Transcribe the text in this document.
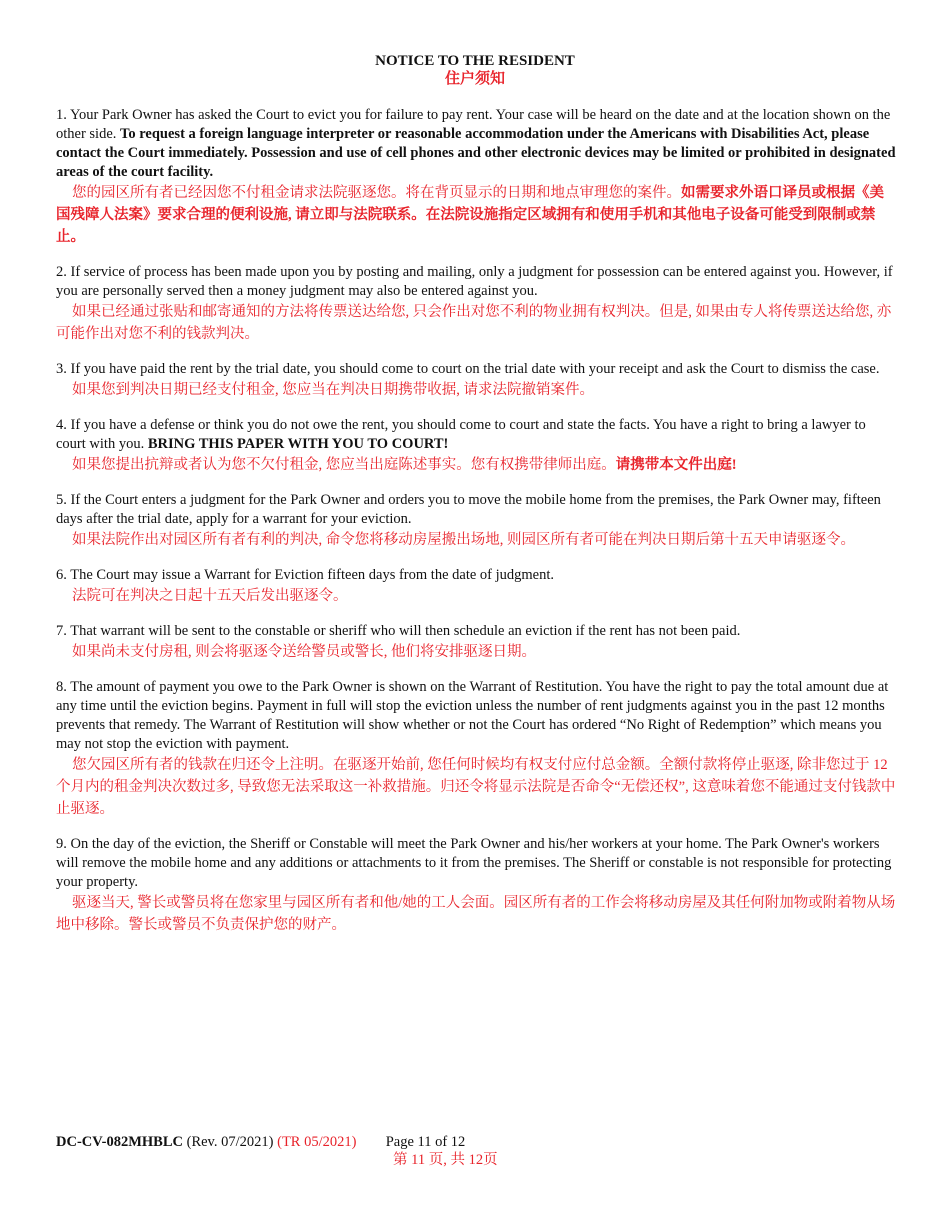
NOTICE TO THE RESIDENT
住户须知

1. Your Park Owner has asked the Court to evict you for failure to pay rent. Your case will be heard on the date and at the location shown on the other side. To request a foreign language interpreter or reasonable accommodation under the Americans with Disabilities Act, please contact the Court immediately. Possession and use of cell phones and other electronic devices may be limited or prohibited in designated areas of the court facility.

您的园区所有者已经因您不付租金请求法院驱逐您。将在背页显示的日期和地点审理您的案件。如需要求外语口译员或根据《美国残障人法案》要求合理的便利设施, 请立即与法院联系。在法院设施指定区域拥有和使用手机和其他电子设备可能受到限制或禁止。

2. If service of process has been made upon you by posting and mailing, only a judgment for possession can be entered against you. However, if you are personally served then a money judgment may also be entered against you.

如果已经通过张贴和邮寄通知的方法将传票送达给您, 只会作出对您不利的物业拥有权判决。但是, 如果由专人将传票送达给您, 亦可能作出对您不利的钱款判决。

3. If you have paid the rent by the trial date, you should come to court on the trial date with your receipt and ask the Court to dismiss the case.

如果您到判决日期已经支付租金, 您应当在判决日期携带收据, 请求法院撤销案件。

4. If you have a defense or think you do not owe the rent, you should come to court and state the facts. You have a right to bring a lawyer to court with you. BRING THIS PAPER WITH YOU TO COURT!

如果您提出抗辩或者认为您不欠付租金, 您应当出庭陈述事实。您有权携带律师出庭。请携带本文件出庭!

5. If the Court enters a judgment for the Park Owner and orders you to move the mobile home from the premises, the Park Owner may, fifteen days after the trial date, apply for a warrant for your eviction.

如果法院作出对园区所有者有利的判决, 命令您将移动房屋搬出场地, 则园区所有者可能在判决日期后第十五天申请驱逐令。

6. The Court may issue a Warrant for Eviction fifteen days from the date of judgment.

法院可在判决之日起十五天后发出驱逐令。

7. That warrant will be sent to the constable or sheriff who will then schedule an eviction if the rent has not been paid.

如果尚未支付房租, 则会将驱逐令送给警员或警长, 他们将安排驱逐日期。

8. The amount of payment you owe to the Park Owner is shown on the Warrant of Restitution. You have the right to pay the total amount due at any time until the eviction begins. Payment in full will stop the eviction unless the number of rent judgments against you in the past 12 months prevents that remedy. The Warrant of Restitution will show whether or not the Court has ordered “No Right of Redemption” which means you may not stop the eviction with payment.

您欠园区所有者的钱款在归还令上注明。在驱逐开始前, 您任何时候均有权支付应付总金额。全额付款将停止驱逐, 除非您过于 12 个月内的租金判决次数过多, 导致您无法采取这一补救措施。归还令将显示法院是否命令“无偿还权”, 这意味着您不能通过支付钱款中止驱逐。

9. On the day of the eviction, the Sheriff or Constable will meet the Park Owner and his/her workers at your home. The Park Owner's workers will remove the mobile home and any additions or attachments to it from the premises. The Sheriff or constable is not responsible for protecting your property.

驱逐当天, 警长或警员将在您家里与园区所有者和他/她的工人会面。园区所有者的工作会将移动房屋及其任何附加物或附着物从场地中移除。警长或警员不负责保护您的财产。

DC-CV-082MHBLC (Rev. 07/2021) (TR 05/2021) Page 11 of 12
第 11 页, 共 12页
